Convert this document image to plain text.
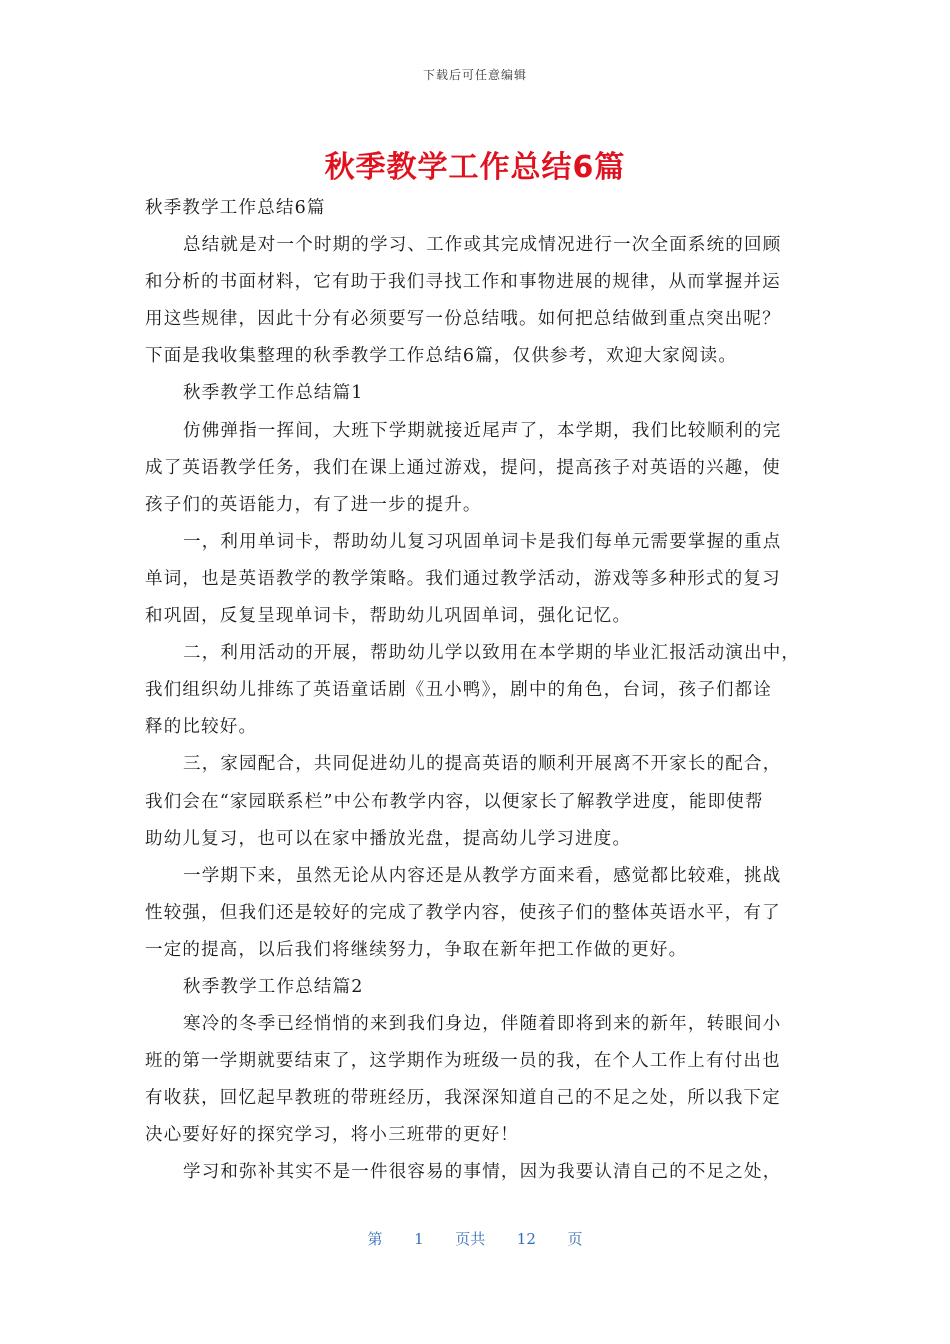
下载后可任意编辑
秋季教学工作总结6篇
秋季教学工作总结6篇
总结就是对一个时期的学习、工作或其完成情况进行一次全面系统的回顾
和分析的书面材料，它有助于我们寻找工作和事物进展的规律，从而掌握并运
用这些规律，因此十分有必须要写一份总结哦。如何把总结做到重点突出呢？
下面是我收集整理的秋季教学工作总结6篇，仅供参考，欢迎大家阅读。
秋季教学工作总结篇1
仿佛弹指一挥间，大班下学期就接近尾声了，本学期，我们比较顺利的完
成了英语教学任务，我们在课上通过游戏，提问，提高孩子对英语的兴趣，使
孩子们的英语能力，有了进一步的提升。
一，利用单词卡，帮助幼儿复习巩固单词卡是我们每单元需要掌握的重点
单词，也是英语教学的教学策略。我们通过教学活动，游戏等多种形式的复习
和巩固，反复呈现单词卡，帮助幼儿巩固单词，强化记忆。
二，利用活动的开展，帮助幼儿学以致用在本学期的毕业汇报活动演出中，
我们组织幼儿排练了英语童话剧《丑小鸭》，剧中的角色，台词，孩子们都诠
释的比较好。
三，家园配合，共同促进幼儿的提高英语的顺利开展离不开家长的配合，
我们会在“家园联系栏”中公布教学内容，以便家长了解教学进度，能即使帮
助幼儿复习，也可以在家中播放光盘，提高幼儿学习进度。
一学期下来，虽然无论从内容还是从教学方面来看，感觉都比较难，挑战
性较强，但我们还是较好的完成了教学内容，使孩子们的整体英语水平，有了
一定的提高，以后我们将继续努力，争取在新年把工作做的更好。
秋季教学工作总结篇2
寒冷的冬季已经悄悄的来到我们身边，伴随着即将到来的新年，转眼间小
班的第一学期就要结束了，这学期作为班级一员的我，在个人工作上有付出也
有收获，回忆起早教班的带班经历，我深深知道自己的不足之处，所以我下定
决心要好好的探究学习，将小三班带的更好！
学习和弥补其实不是一件很容易的事情，因为我要认清自己的不足之处，
第 1 页共 12 页
